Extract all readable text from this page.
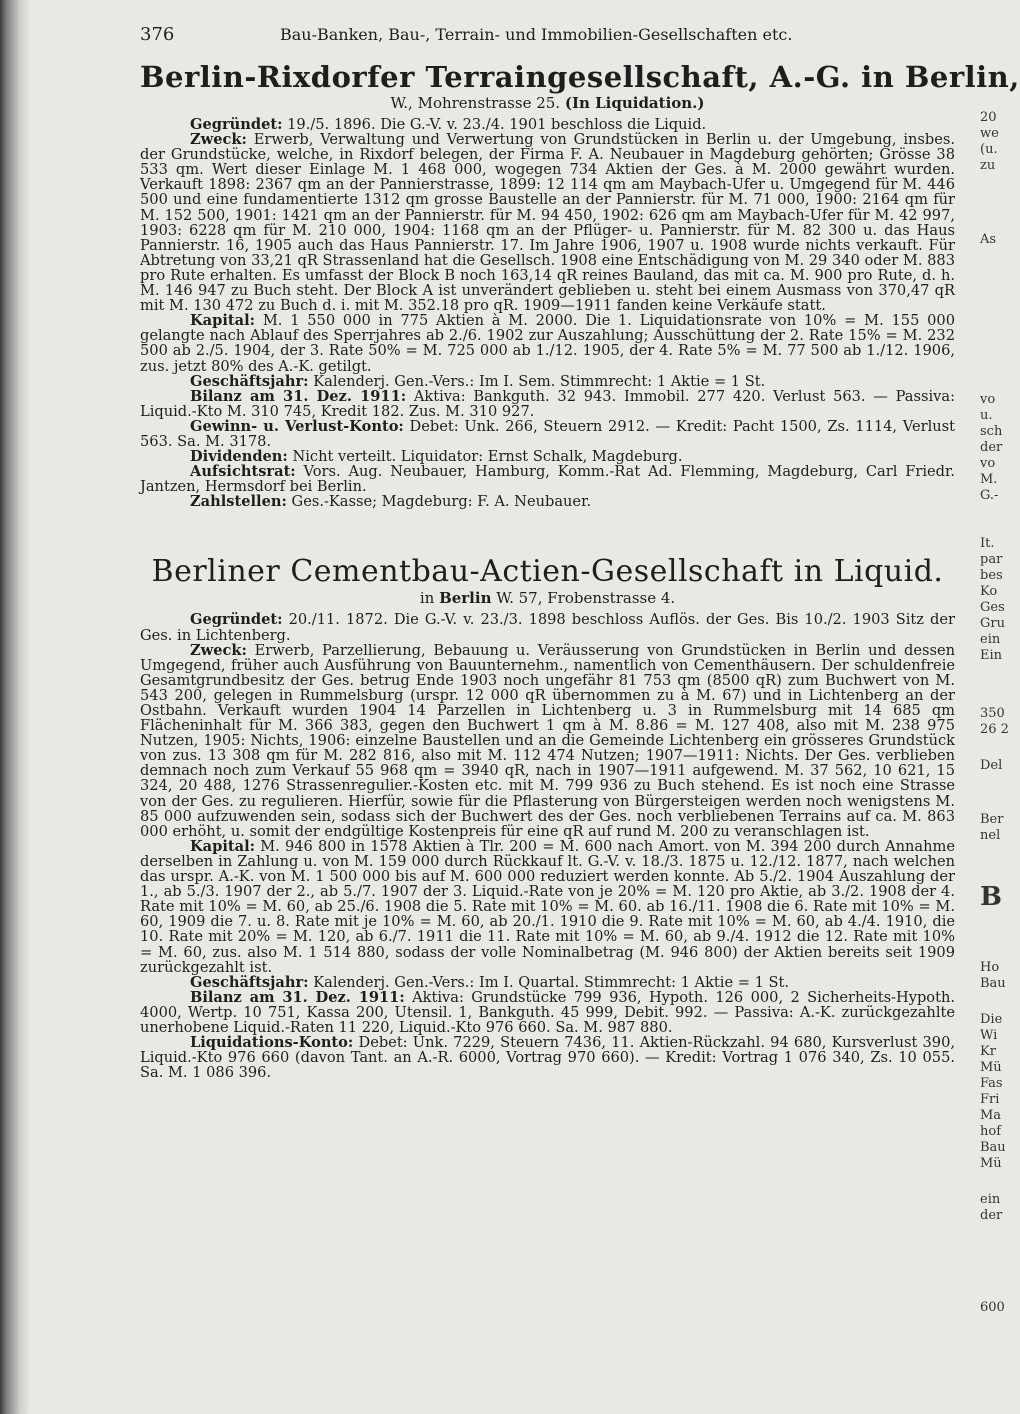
376	Bau-Banken, Bau-, Terrain- und Immobilien-Gesellschaften etc.
Berlin-Rixdorfer Terraingesellschaft, A.-G. in Berlin,
W., Mohrenstrasse 25. (In Liquidation.)

Gegründet: 19./5. 1896. Die G.-V. v. 23./4. 1901 beschloss die Liquid.

Zweck: Erwerb, Verwaltung und Verwertung von Grundstücken in Berlin u. der Umgebung, insbes. der Grundstücke, welche, in Rixdorf belegen, der Firma F. A. Neubauer in Magdeburg gehörten; Grösse 38 533 qm. Wert dieser Einlage M. 1 468 000, wogegen 734 Aktien der Ges. à M. 2000 gewährt wurden. Verkauft 1898: 2367 qm an der Pannierstrasse, 1899: 12 114 qm am Maybach-Ufer u. Umgegend für M. 446 500 und eine fundamentierte 1312 qm grosse Baustelle an der Pannierstr. für M. 71 000, 1900: 2164 qm für M. 152 500, 1901: 1421 qm an der Pannierstr. für M. 94 450, 1902: 626 qm am Maybach-Ufer für M. 42 997, 1903: 6228 qm für M. 210 000, 1904: 1168 qm an der Pflüger- u. Pannierstr. für M. 82 300 u. das Haus Pannierstr. 16, 1905 auch das Haus Pannierstr. 17. Im Jahre 1906, 1907 u. 1908 wurde nichts verkauft. Für Abtretung von 33,21 qR Strassenland hat die Gesellsch. 1908 eine Entschädigung von M. 29 340 oder M. 883 pro Rute erhalten. Es umfasst der Block B noch 163,14 qR reines Bauland, das mit ca. M. 900 pro Rute, d. h. M. 146 947 zu Buch steht. Der Block A ist unverändert geblieben u. steht bei einem Ausmass von 370,47 qR mit M. 130 472 zu Buch d. i. mit M. 352.18 pro qR. 1909—1911 fanden keine Verkäufe statt.

Kapital: M. 1 550 000 in 775 Aktien à M. 2000. Die 1. Liquidationsrate von 10% = M. 155 000 gelangte nach Ablauf des Sperrjahres ab 2./6. 1902 zur Auszahlung; Ausschüttung der 2. Rate 15% = M. 232 500 ab 2./5. 1904, der 3. Rate 50% = M. 725 000 ab 1./12. 1905, der 4. Rate 5% = M. 77 500 ab 1./12. 1906, zus. jetzt 80% des A.-K. getilgt.

Geschäftsjahr: Kalenderj. Gen.-Vers.: Im I. Sem. Stimmrecht: 1 Aktie = 1 St.

Bilanz am 31. Dez. 1911: Aktiva: Bankguth. 32 943. Immobil. 277 420. Verlust 563. — Passiva: Liquid.-Kto M. 310 745, Kredit 182. Zus. M. 310 927.

Gewinn- u. Verlust-Konto: Debet: Unk. 266, Steuern 2912. — Kredit: Pacht 1500, Zs. 1114, Verlust 563. Sa. M. 3178.

Dividenden: Nicht verteilt. Liquidator: Ernst Schalk, Magdeburg.

Aufsichtsrat: Vors. Aug. Neubauer, Hamburg, Komm.-Rat Ad. Flemming, Magdeburg, Carl Friedr. Jantzen, Hermsdorf bei Berlin.

Zahlstellen: Ges.-Kasse; Magdeburg: F. A. Neubauer.

Berliner Cementbau-Actien-Gesellschaft in Liquid.
in Berlin W. 57, Frobenstrasse 4.

Gegründet: 20./11. 1872. Die G.-V. v. 23./3. 1898 beschloss Auflös. der Ges. Bis 10./2. 1903 Sitz der Ges. in Lichtenberg.

Zweck: Erwerb, Parzellierung, Bebauung u. Veräusserung von Grundstücken in Berlin und dessen Umgegend, früher auch Ausführung von Bauunternehm., namentlich von Cementhäusern. Der schuldenfreie Gesamtgrundbesitz der Ges. betrug Ende 1903 noch ungefähr 81 753 qm (8500 qR) zum Buchwert von M. 543 200, gelegen in Rummelsburg (urspr. 12 000 qR übernommen zu à M. 67) und in Lichtenberg an der Ostbahn. Verkauft wurden 1904 14 Parzellen in Lichtenberg u. 3 in Rummelsburg mit 14 685 qm Flächeninhalt für M. 366 383, gegen den Buchwert 1 qm à M. 8.86 = M. 127 408, also mit M. 238 975 Nutzen, 1905: Nichts, 1906: einzelne Baustellen und an die Gemeinde Lichtenberg ein grösseres Grundstück von zus. 13 308 qm für M. 282 816, also mit M. 112 474 Nutzen; 1907—1911: Nichts. Der Ges. verblieben demnach noch zum Verkauf 55 968 qm = 3940 qR, nach in 1907—1911 aufgewend. M. 37 562, 10 621, 15 324, 20 488, 1276 Strassenregulier.-Kosten etc. mit M. 799 936 zu Buch stehend. Es ist noch eine Strasse von der Ges. zu regulieren. Hierfür, sowie für die Pflasterung von Bürgersteigen werden noch wenigstens M. 85 000 aufzuwenden sein, sodass sich der Buchwert des der Ges. noch verbliebenen Terrains auf ca. M. 863 000 erhöht, u. somit der endgültige Kostenpreis für eine qR auf rund M. 200 zu veranschlagen ist.

Kapital: M. 946 800 in 1578 Aktien à Tlr. 200 = M. 600 nach Amort. von M. 394 200 durch Annahme derselben in Zahlung u. von M. 159 000 durch Rückkauf lt. G.-V. v. 18./3. 1875 u. 12./12. 1877, nach welchen das urspr. A.-K. von M. 1 500 000 bis auf M. 600 000 reduziert werden konnte. Ab 5./2. 1904 Auszahlung der 1., ab 5./3. 1907 der 2., ab 5./7. 1907 der 3. Liquid.-Rate von je 20% = M. 120 pro Aktie, ab 3./2. 1908 der 4. Rate mit 10% = M. 60, ab 25./6. 1908 die 5. Rate mit 10% = M. 60. ab 16./11. 1908 die 6. Rate mit 10% = M. 60, 1909 die 7. u. 8. Rate mit je 10% = M. 60, ab 20./1. 1910 die 9. Rate mit 10% = M. 60, ab 4./4. 1910, die 10. Rate mit 20% = M. 120, ab 6./7. 1911 die 11. Rate mit 10% = M. 60, ab 9./4. 1912 die 12. Rate mit 10% = M. 60, zus. also M. 1 514 880, sodass der volle Nominalbetrag (M. 946 800) der Aktien bereits seit 1909 zurückgezahlt ist.

Geschäftsjahr: Kalenderj. Gen.-Vers.: Im I. Quartal. Stimmrecht: 1 Aktie = 1 St.

Bilanz am 31. Dez. 1911: Aktiva: Grundstücke 799 936, Hypoth. 126 000, 2 Sicherheits-Hypoth. 4000, Wertp. 10 751, Kassa 200, Utensil. 1, Bankguth. 45 999, Debit. 992. — Passiva: A.-K. zurückgezahlte unerhobene Liquid.-Raten 11 220, Liquid.-Kto 976 660. Sa. M. 987 880.

Liquidations-Konto: Debet: Unk. 7229, Steuern 7436, 11. Aktien-Rückzahl. 94 680, Kursverlust 390, Liquid.-Kto 976 660 (davon Tant. an A.-R. 6000, Vortrag 970 660). — Kredit: Vortrag 1 076 340, Zs. 10 055. Sa. M. 1 086 396.

20
we
(u.
zu
As
vo
u.
sch
der
vo
M.
G.-
It.
par
bes
Ko
Ges
Gru
ein
Ein
350
26 2
Del
Ber
nel
B
Ho
Bau
Die
Wi
Kr
Mü
Fas
Fri
Ma
hof
Bau
Mü
ein
der
600
